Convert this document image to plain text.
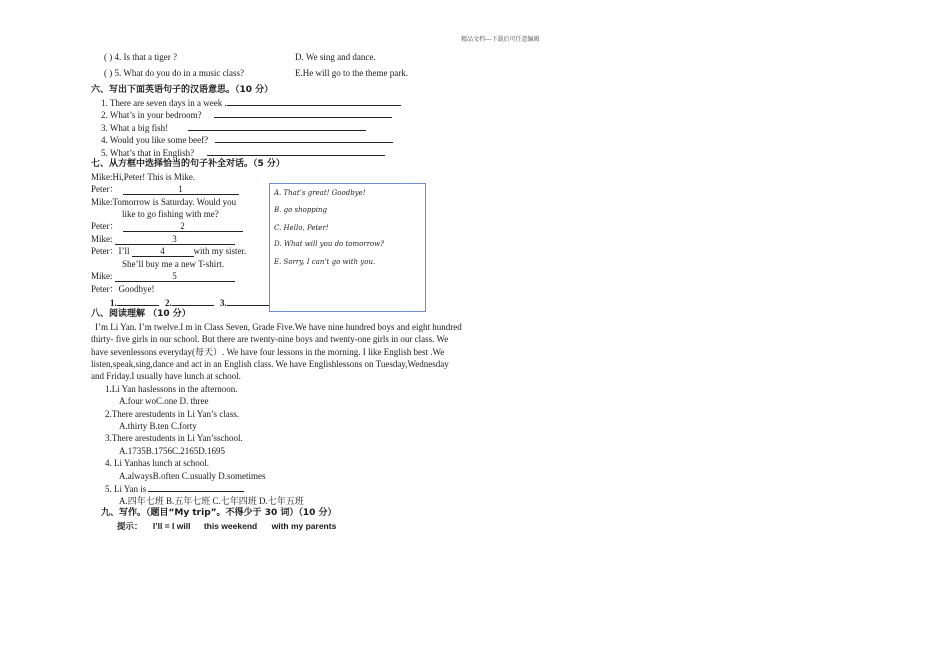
精品文档---下载后可任意编辑
( ) 4. Is that a tiger ?	D. We sing and dance.
( ) 5. What do you do in a music class?	E.He will go to the theme park.
六、写出下面英语句子的汉语意思。（10 分）
1. There are seven days in a week .
2. What’s in your bedroom?
3. What a big fish!
4. Would you like some beef?
5. What’s that in English?
七、从方框中选择恰当的句子补全对话。（5 分）
Mike:Hi,Peter! This is Mike.
Peter：	1
Mike:Tomorrow is Saturday. Would you
like to go fishing with me?
Peter：	2
Mike:	3
Peter：I’ll	4	with my sister.
She’ll buy me a new T-shirt.
Mike:	5
Peter：Goodbye!
1.	2.	3.
A. That’s great! Goodbye!
B. go shopping
C. Hello, Peter!
D. What will you do tomorrow?
E. Sorry, I can’t go with you.
八、阅读理解 （10 分）
I’m Li Yan. I’m twelve.I m in Class Seven, Grade Five.We have nine hundred boys and eight hundred
thirty- five girls in our school. But there are twenty-nine boys and twenty-one girls in our class. We
have sevenlessons everyday(每天）. We have four lessons in the morning. I like English best .We
listen,speak,sing,dance and act in an English class. We have Englishlessons on Tuesday,Wednesday
and Friday.I usually have lunch at school.
1.Li Yan haslessons in the afternoon.
A.four woC.one D. three
2.There arestudents in Li Yan’s class.
A.thirty B.ten C.forty
3.There arestudents in Li Yan’sschool.
A.1735B.1756C.2165D.1695
4. Li Yanhas lunch at school.
A.alwaysB.often C.usually D.sometimes
5. Li Yan is
A.四年七班 B.五年七班 C.七年四班 D.七年五班
九、写作。（题目“My trip”。不得少于 30 词）（10 分）
提示： I’ll = I will this weekend with my parents
